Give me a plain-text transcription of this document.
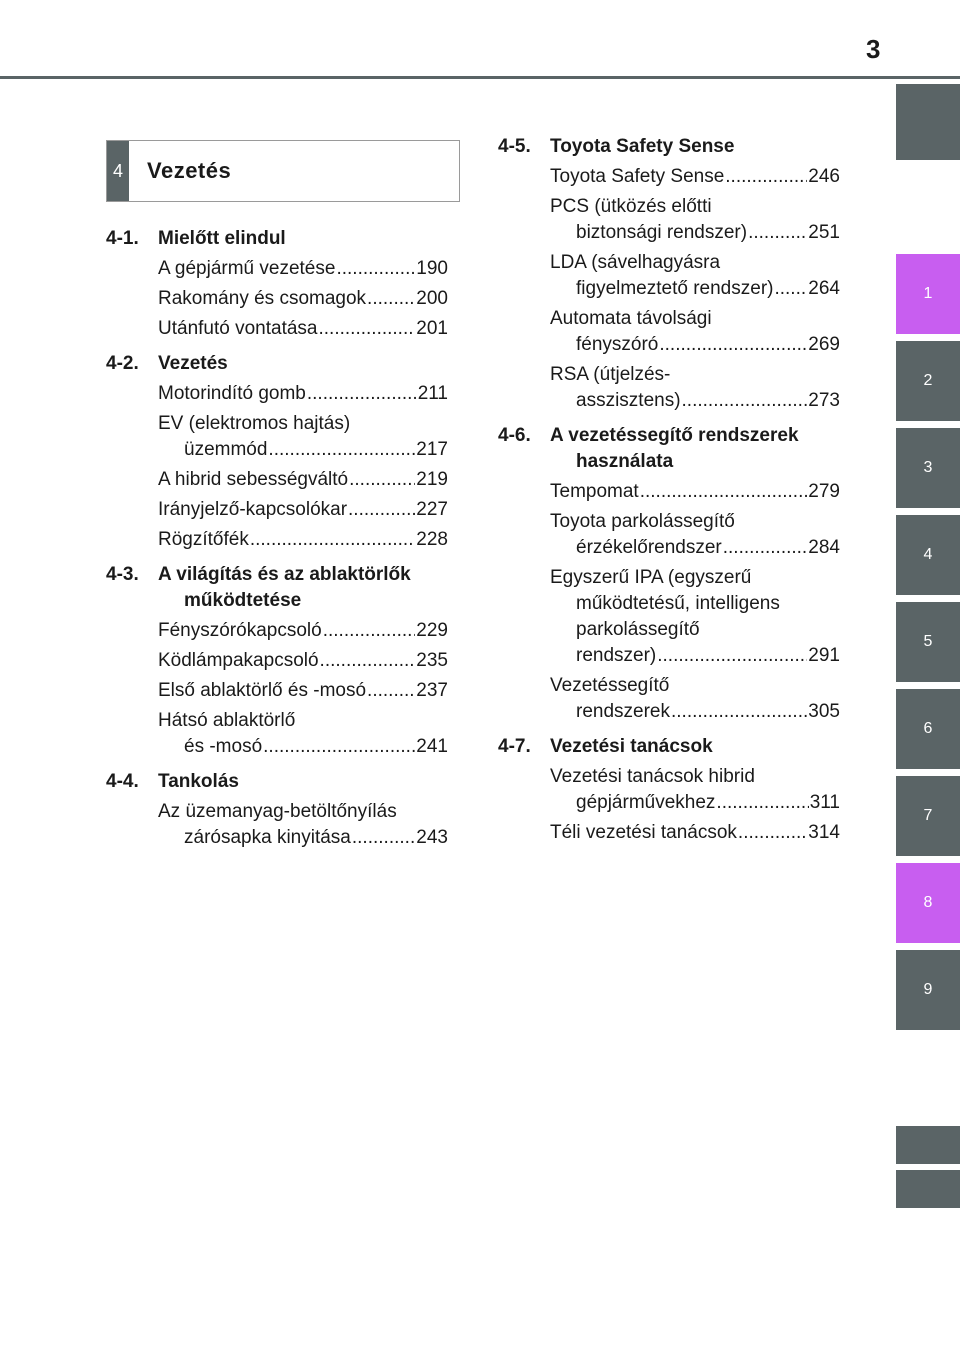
3
1
2
3
4
5
6
7
8
9
4 Vezetés
4-1.	Mielőtt elindul
A gépjármű vezetése .....	190
Rakomány és csomagok .....	200
Utánfutó vontatása .....	201
4-2.	Vezetés
Motorindító gomb .....	211
EV (elektromos hajtás)
üzemmód .....	217
A hibrid sebességváltó .....	219
Irányjelző-kapcsolókar .....	227
Rögzítőfék .....	228
4-3.	A világítás és az ablaktörlők
működtetése
Fényszórókapcsoló .....	229
Ködlámpakapcsoló .....	235
Első ablaktörlő és -mosó .....	237
Hátsó ablaktörlő
és -mosó .....	241
4-4.	Tankolás
Az üzemanyag-betöltőnyílás
zárósapka kinyitása .....	243
4-5.	Toyota Safety Sense
Toyota Safety Sense .....	246
PCS (ütközés előtti
biztonsági rendszer) .....	251
LDA (sávelhagyásra
figyelmeztető rendszer) ..... 264
Automata távolsági
fényszóró .....	269
RSA (útjelzés-
asszisztens) .....	273
4-6.	A vezetéssegítő rendszerek
használata
Tempomat .....	279
Toyota parkolássegítő
érzékelőrendszer .....	284
Egyszerű IPA (egyszerű
működtetésű, intelligens
parkolássegítő
rendszer) .....	291
Vezetéssegítő
rendszerek .....	305
4-7.	Vezetési tanácsok
Vezetési tanácsok hibrid
gépjárművekhez .....	311
Téli vezetési tanácsok .....	314
